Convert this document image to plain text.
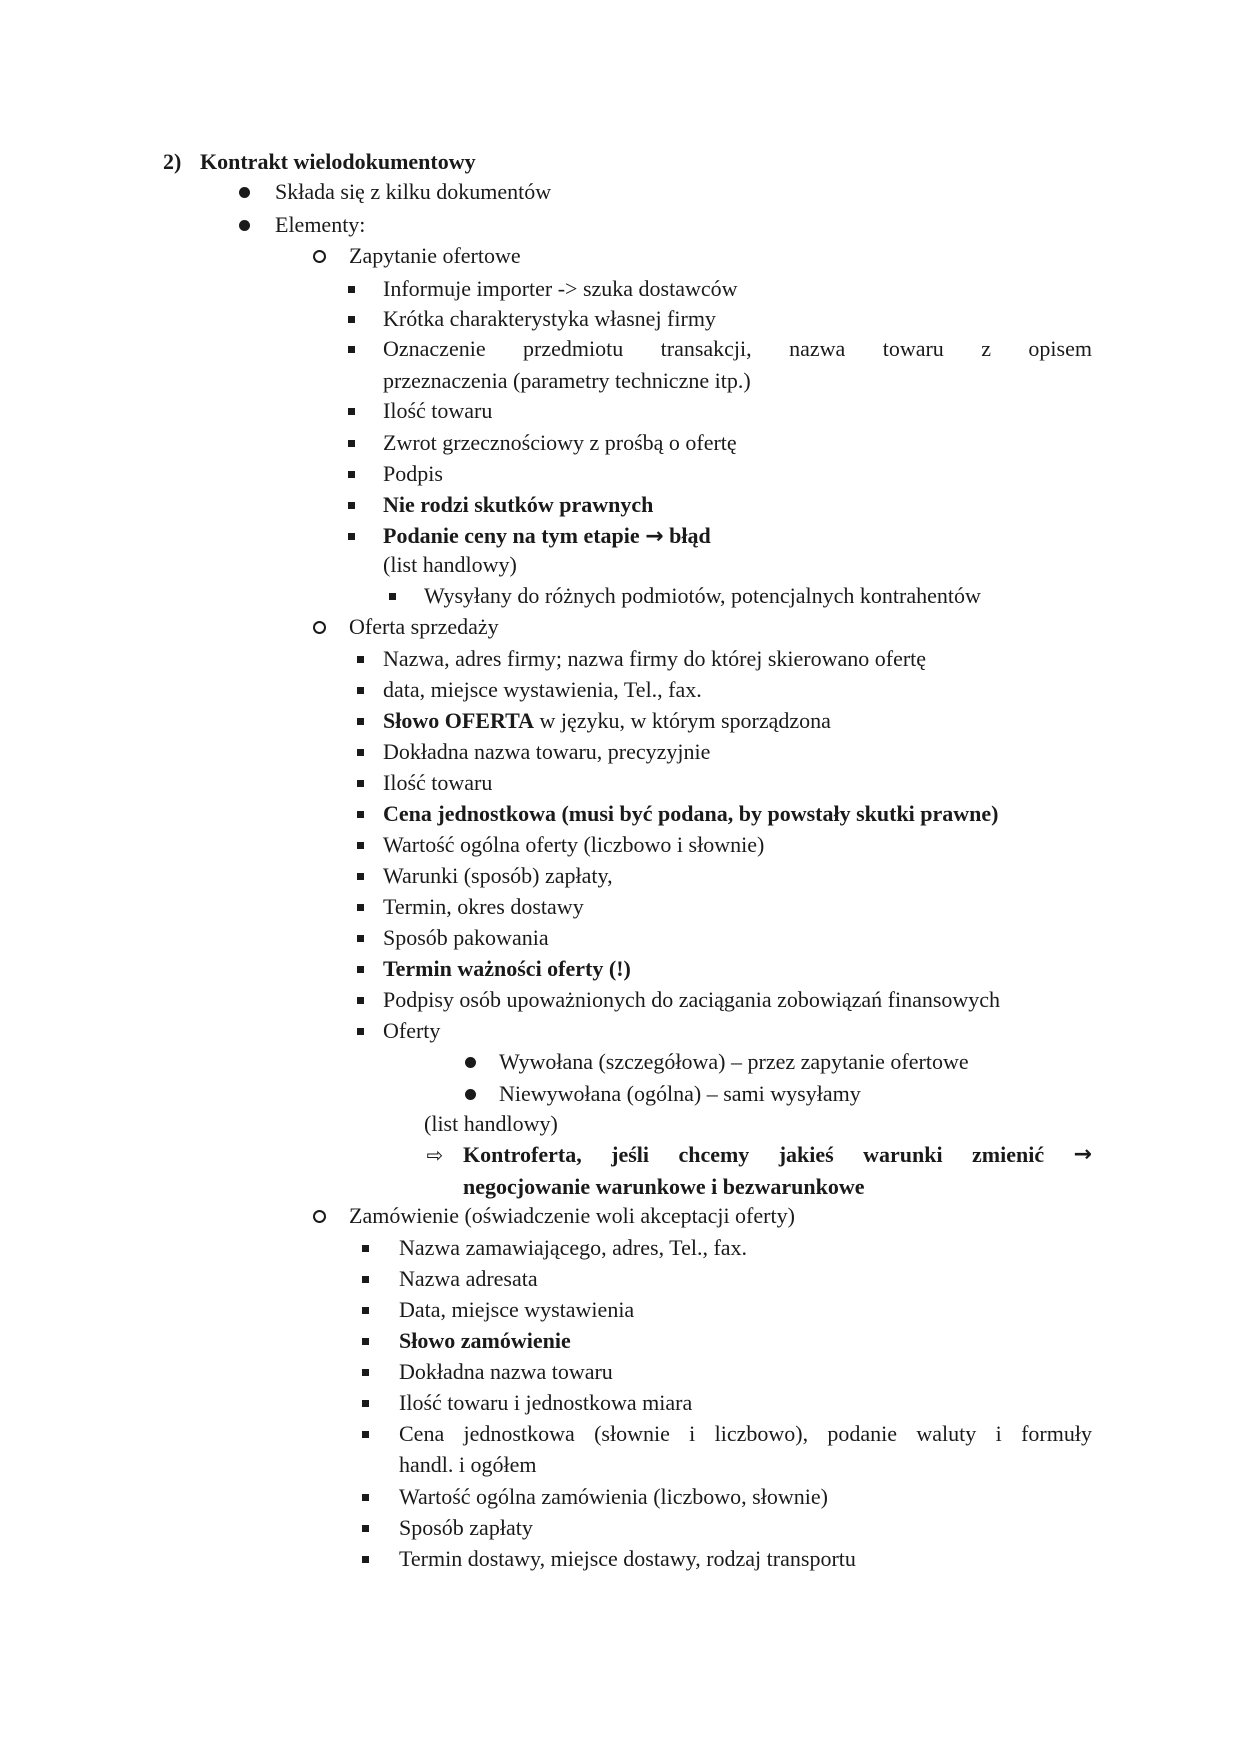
2) Kontrakt wielodokumentowy
Składa się z kilku dokumentów
Elementy:
Zapytanie ofertowe
Informuje importer -> szuka dostawców
Krótka charakterystyka własnej firmy
Oznaczenie przedmiotu transakcji, nazwa towaru z opisem
przeznaczenia (parametry techniczne itp.)
Ilość towaru
Zwrot grzecznościowy z prośbą o ofertę
Podpis
Nie rodzi skutków prawnych
Podanie ceny na tym etapie → błąd
(list handlowy)
Wysyłany do różnych podmiotów, potencjalnych kontrahentów
Oferta sprzedaży
Nazwa, adres firmy; nazwa firmy do której skierowano ofertę
data, miejsce wystawienia, Tel., fax.
Słowo OFERTA w języku, w którym sporządzona
Dokładna nazwa towaru, precyzyjnie
Ilość towaru
Cena jednostkowa (musi być podana, by powstały skutki prawne)
Wartość ogólna oferty (liczbowo i słownie)
Warunki (sposób) zapłaty,
Termin, okres dostawy
Sposób pakowania
Termin ważności oferty (!)
Podpisy osób upoważnionych do zaciągania zobowiązań finansowych
Oferty
Wywołana (szczegółowa) – przez zapytanie ofertowe
Niewywołana (ogólna) – sami wysyłamy
(list handlowy)
⇨ Kontroferta, jeśli chcemy jakieś warunki zmienić →
negocjowanie warunkowe i bezwarunkowe
Zamówienie (oświadczenie woli akceptacji oferty)
Nazwa zamawiającego, adres, Tel., fax.
Nazwa adresata
Data, miejsce wystawienia
Słowo zamówienie
Dokładna nazwa towaru
Ilość towaru i jednostkowa miara
Cena jednostkowa (słownie i liczbowo), podanie waluty i formuły
handl. i ogółem
Wartość ogólna zamówienia (liczbowo, słownie)
Sposób zapłaty
Termin dostawy, miejsce dostawy, rodzaj transportu
